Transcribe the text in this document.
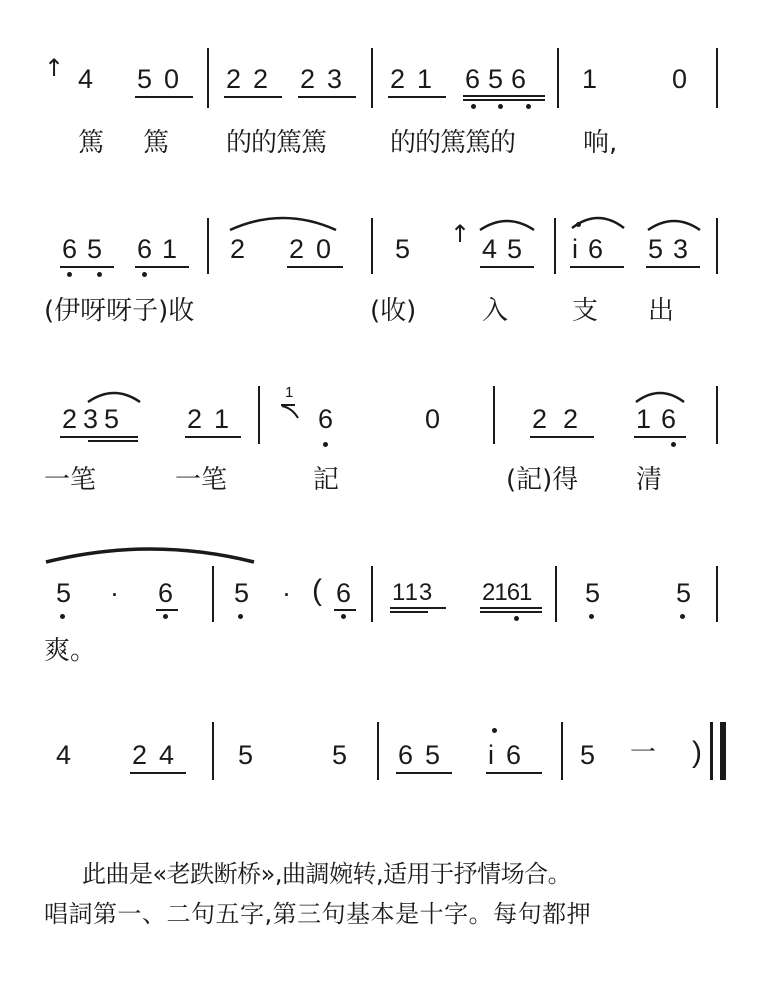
↑ 4 50 22 23 21 656 1	0
篤 篤 的的篤篤 的的篤篤的	响,
65 61 2 20 5 ↑ 45 i6 53
(伊呀呀子)收	(收)	入 支 出
235 21
1
6	0	22 16
一笔	一笔	記	(記)得 清
5 · 6 5 · ( 6 113 2161 5	5
爽。
4 24 5	5 65 i6 5 一 )
此曲是«老跌断桥»,曲調婉转,适用于抒情场合。
唱詞第一、二句五字,第三句基本是十字。每句都押
